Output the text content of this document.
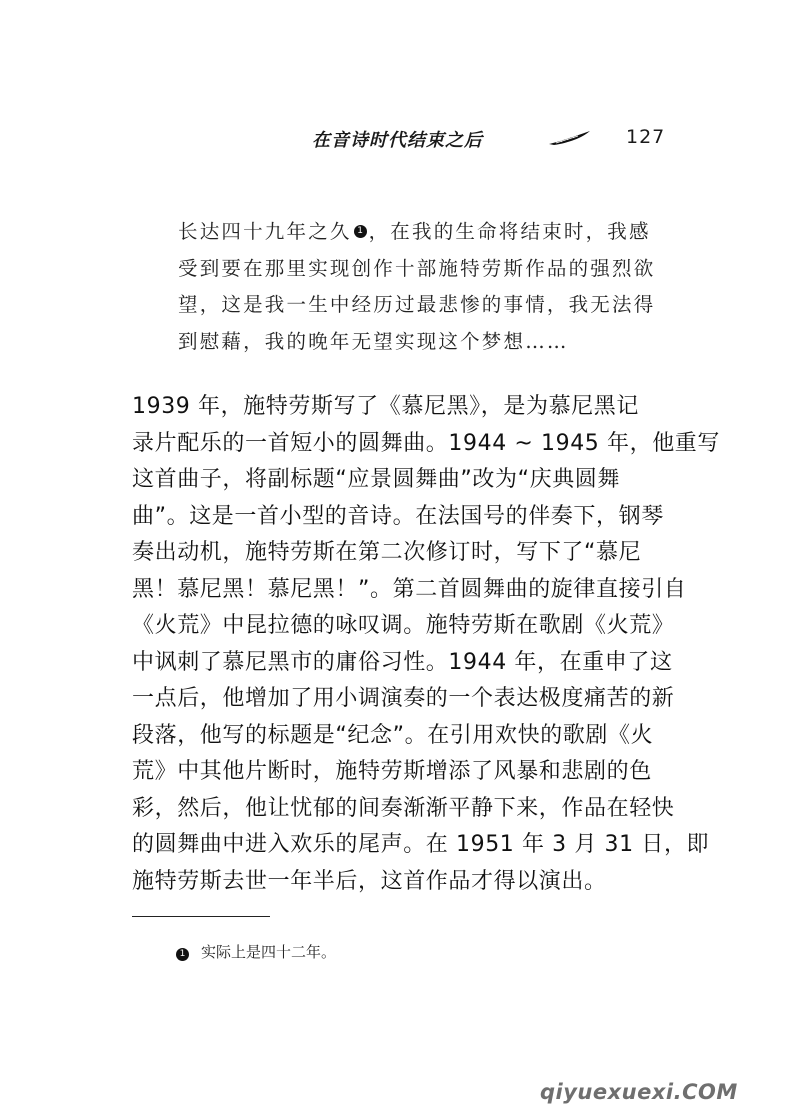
在音诗时代结束之后	127
长达四十九年之久 1 ，在我的生命将结束时，我感
受到要在那里实现创作十部施特劳斯作品的强烈欲
望，这是我一生中经历过最悲惨的事情，我无法得
到慰藉，我的晚年无望实现这个梦想……
1939 年，施特劳斯写了《慕尼黑》，是为慕尼黑记
录片配乐的一首短小的圆舞曲。1944 ~ 1945 年，他重写
这首曲子，将副标题“应景圆舞曲”改为“庆典圆舞
曲”。这是一首小型的音诗。在法国号的伴奏下，钢琴
奏出动机，施特劳斯在第二次修订时，写下了“慕尼
黑！慕尼黑！慕尼黑！”。第二首圆舞曲的旋律直接引自
《火荒》中昆拉德的咏叹调。施特劳斯在歌剧《火荒》
中讽刺了慕尼黑市的庸俗习性。1944 年，在重申了这
一点后，他增加了用小调演奏的一个表达极度痛苦的新
段落，他写的标题是“纪念”。在引用欢快的歌剧《火
荒》中其他片断时，施特劳斯增添了风暴和悲剧的色
彩，然后，他让忧郁的间奏渐渐平静下来，作品在轻快
的圆舞曲中进入欢乐的尾声。在 1951 年 3 月 31 日，即
施特劳斯去世一年半后，这首作品才得以演出。
1 实际上是四十二年。
qiyuexuexi.COM
